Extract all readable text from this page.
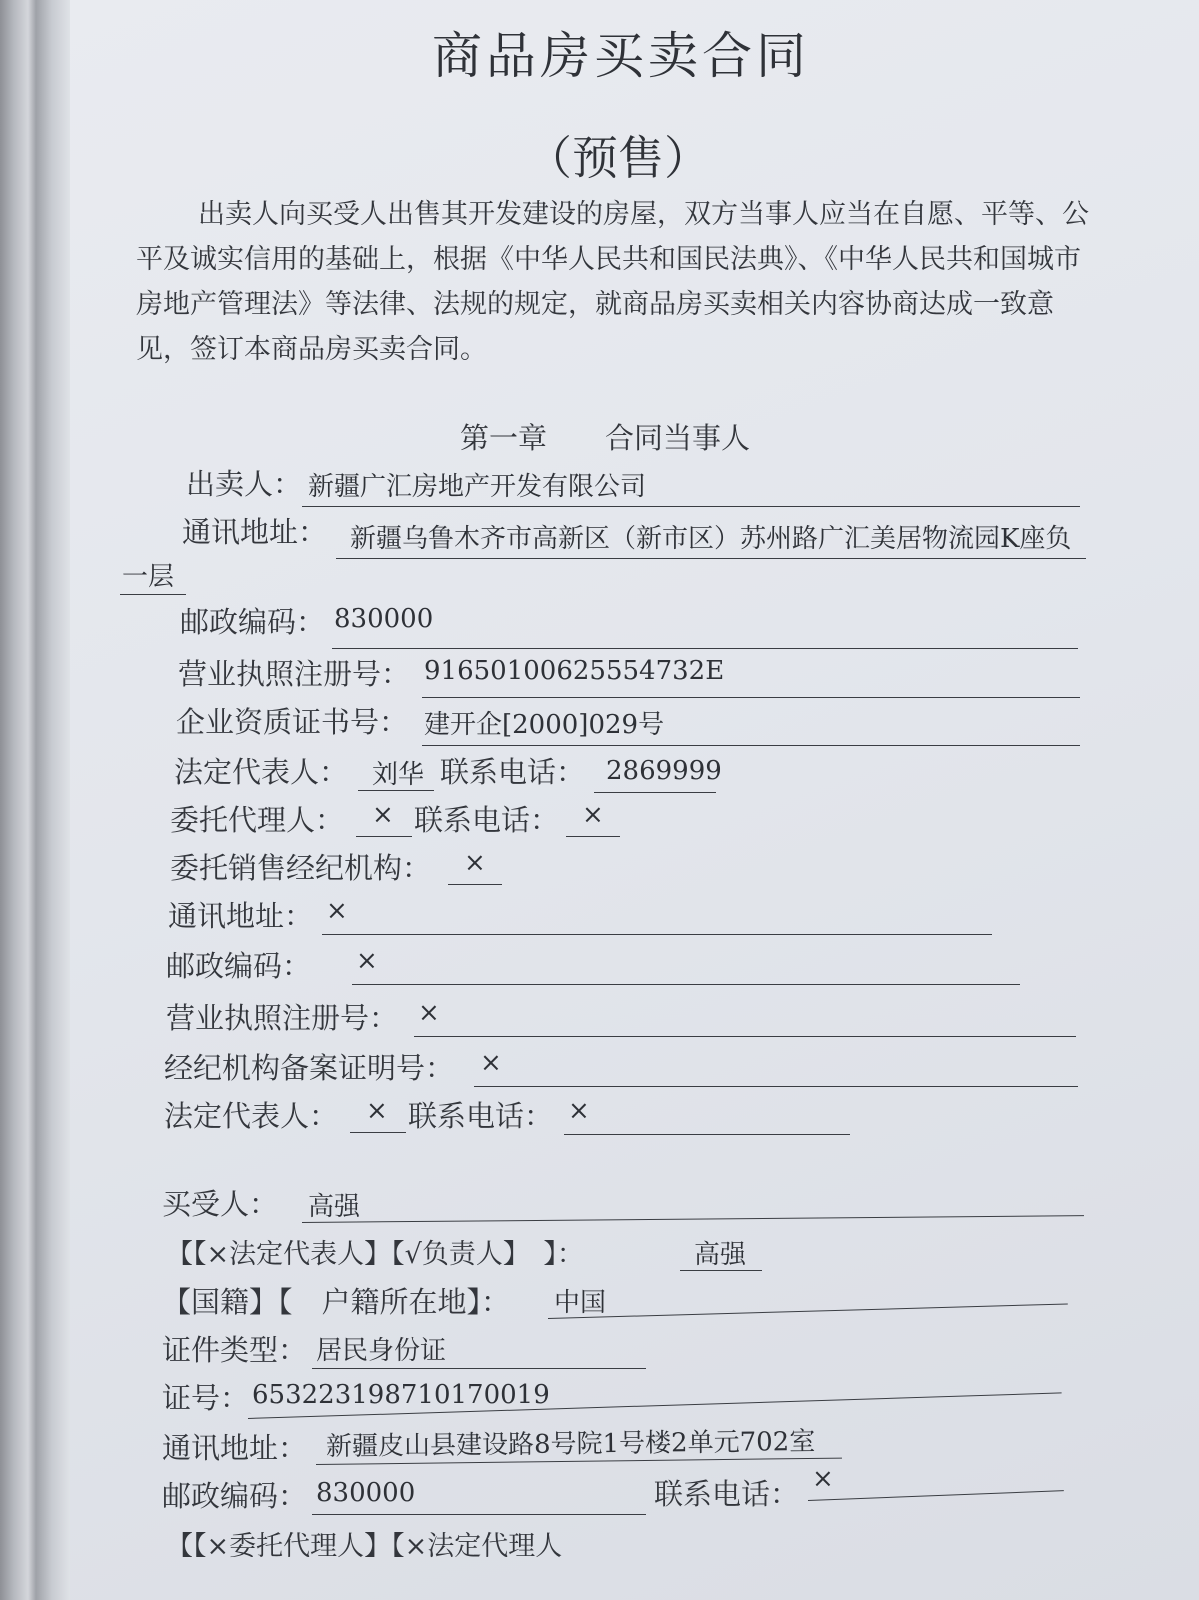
商品房买卖合同
（预售）
出卖人向买受人出售其开发建设的房屋，双方当事人应当在自愿、平等、公平及诚实信用的基础上，根据《中华人民共和国民法典》、《中华人民共和国城市房地产管理法》等法律、法规的规定，就商品房买卖相关内容协商达成一致意见，签订本商品房买卖合同。
第一章　　合同当事人
出卖人： 新疆广汇房地产开发有限公司
通讯地址： 新疆乌鲁木齐市高新区（新市区）苏州路广汇美居物流园K座负
一层
邮政编码： 830000
营业执照注册号： 91650100625554732E
企业资质证书号： 建开企[2000]029号
法定代表人： 刘华 联系电话： 2869999
委托代理人： × 联系电话： ×
委托销售经纪机构： ×
通讯地址： ×
邮政编码： ×
营业执照注册号： ×
经纪机构备案证明号： ×
法定代表人： × 联系电话： ×
买受人： 高强
【【×法定代表人】【√负责人】　】：	高强
【国籍】【　户籍所在地】： 中国
证件类型： 居民身份证
证号： 653223198710170019
通讯地址： 新疆皮山县建设路8号院1号楼2单元702室
邮政编码： 830000	联系电话： ×
【【×委托代理人】【×法定代理人
